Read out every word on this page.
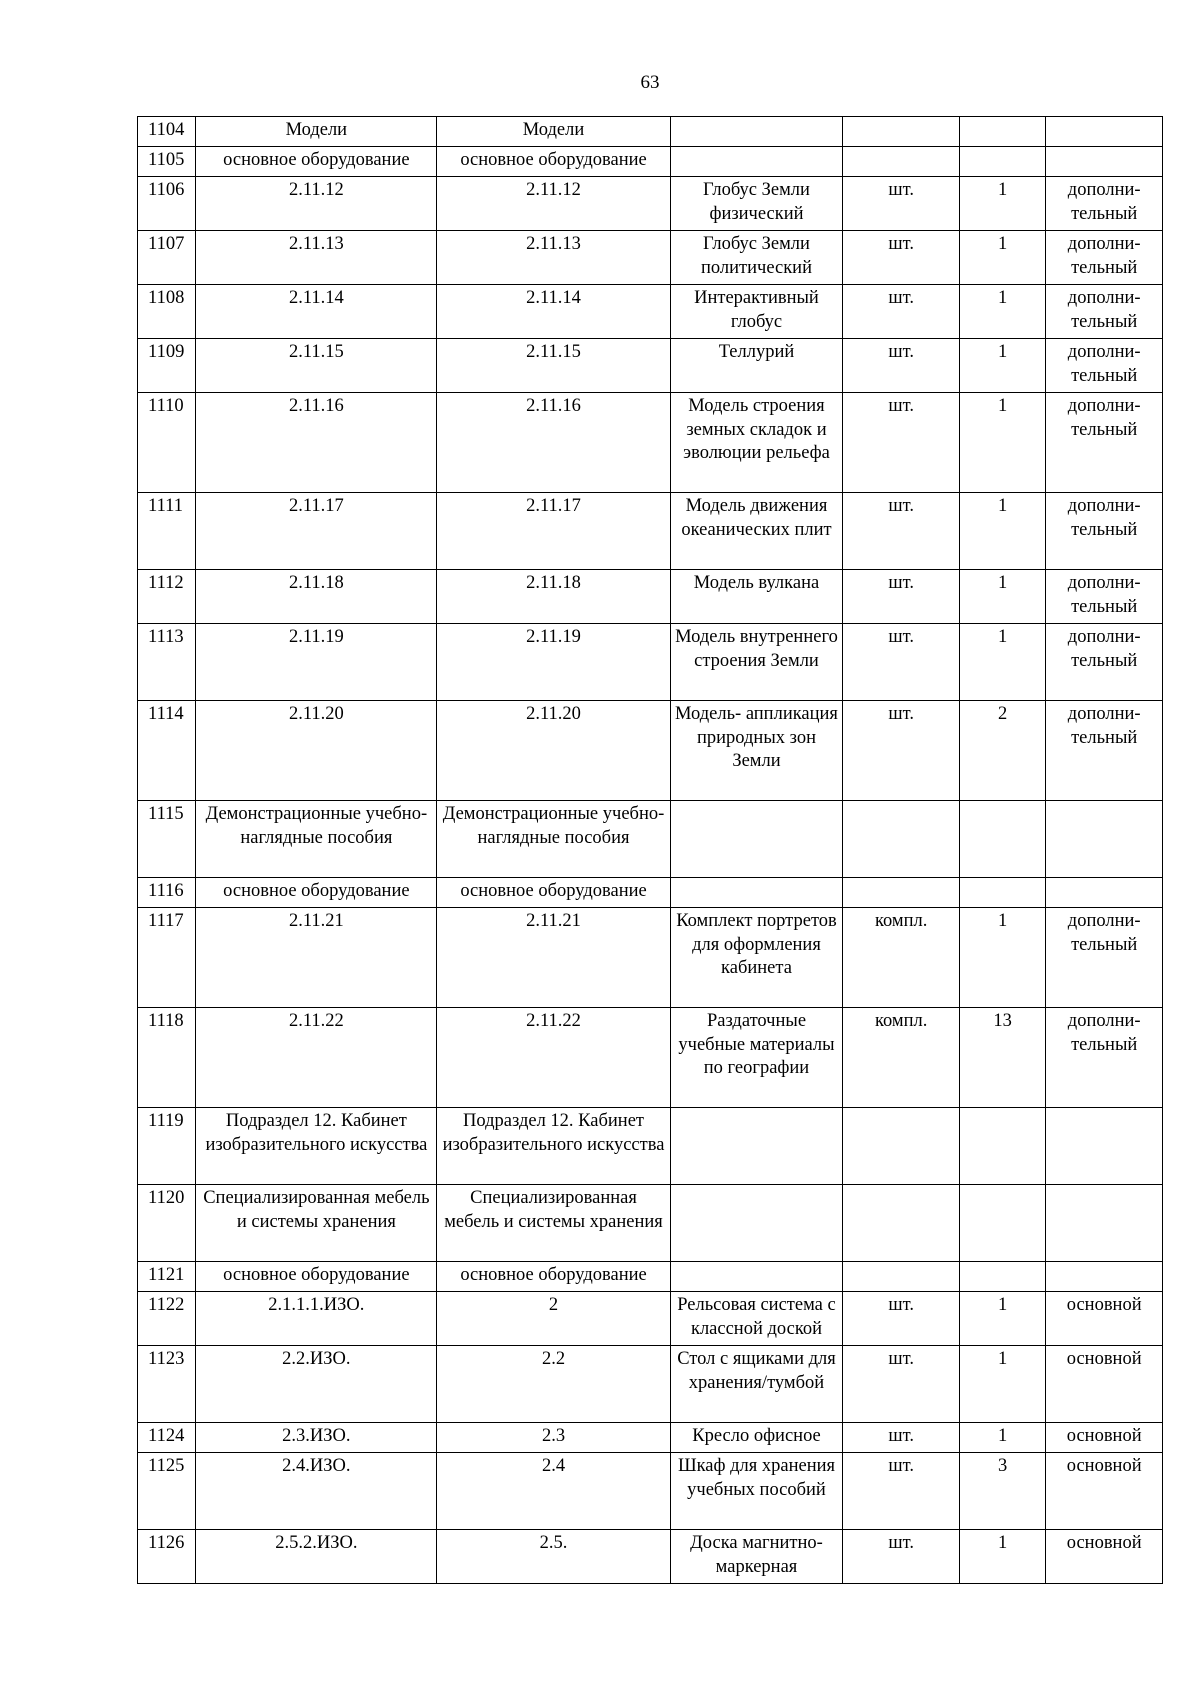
63
1104	Модели	Модели				
1105	основное оборудование	основное оборудование				
1106	2.11.12	2.11.12	Глобус Земли физический	шт.	1	дополни- тельный
1107	2.11.13	2.11.13	Глобус Земли политический	шт.	1	дополни- тельный
1108	2.11.14	2.11.14	Интерактивный глобус	шт.	1	дополни- тельный
1109	2.11.15	2.11.15	Теллурий	шт.	1	дополни- тельный
1110	2.11.16	2.11.16	Модель строения земных складок и эволюции рельефа	шт.	1	дополни- тельный
1111	2.11.17	2.11.17	Модель движения океанических плит	шт.	1	дополни- тельный
1112	2.11.18	2.11.18	Модель вулкана	шт.	1	дополни- тельный
1113	2.11.19	2.11.19	Модель внутреннего строения Земли	шт.	1	дополни- тельный
1114	2.11.20	2.11.20	Модель- аппликация природных зон Земли	шт.	2	дополни- тельный
1115	Демонстрационные учебно-наглядные пособия	Демонстрационные учебно-наглядные пособия				
1116	основное оборудование	основное оборудование				
1117	2.11.21	2.11.21	Комплект портретов для оформления кабинета	компл.	1	дополни- тельный
1118	2.11.22	2.11.22	Раздаточные учебные материалы по географии	компл.	13	дополни- тельный
1119	Подраздел 12. Кабинет изобразительного искусства	Подраздел 12. Кабинет изобразительного искусства				
1120	Специализированная мебель и системы хранения	Специализированная мебель и системы хранения				
1121	основное оборудование	основное оборудование				
1122	2.1.1.1.ИЗО.	2	Рельсовая система с классной доской	шт.	1	основной
1123	2.2.ИЗО.	2.2	Стол с ящиками для хранения/тумбой	шт.	1	основной
1124	2.3.ИЗО.	2.3	Кресло офисное	шт.	1	основной
1125	2.4.ИЗО.	2.4	Шкаф для хранения учебных пособий	шт.	3	основной
1126	2.5.2.ИЗО.	2.5.	Доска магнитно- маркерная	шт.	1	основной
